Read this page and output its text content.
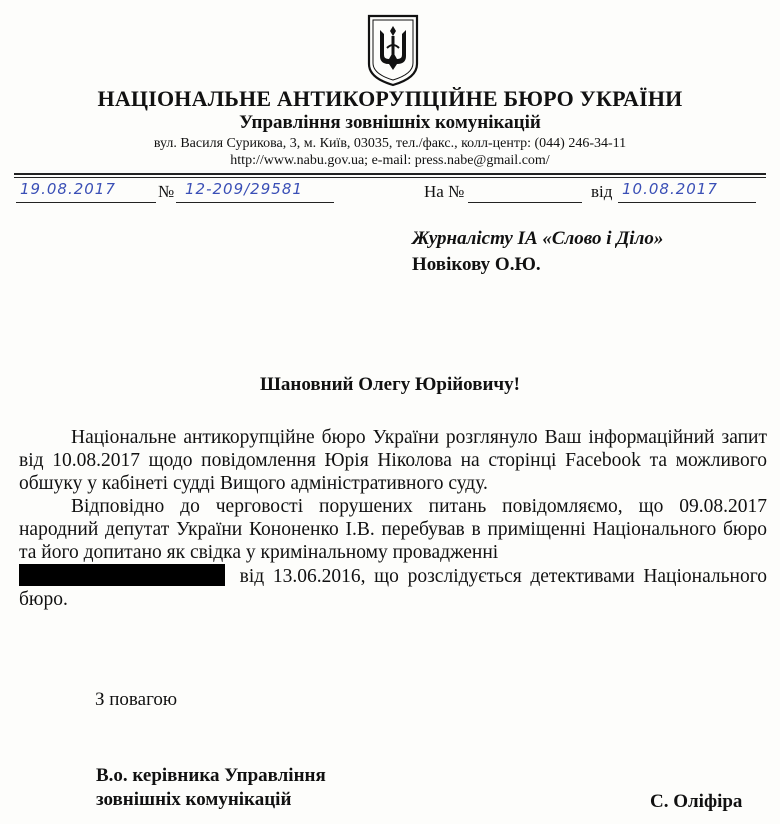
НАЦІОНАЛЬНЕ АНТИКОРУПЦІЙНЕ БЮРО УКРАЇНИ
Управління зовнішніх комунікацій
вул. Василя Сурикова, 3, м. Київ, 03035, тел./факс., колл-центр: (044) 246-34-11
http://www.nabu.gov.ua; e-mail: press.nabe@gmail.com/
19.08.2017	№ 12-209/29581	На №	від 10.08.2017
Журналісту ІА «Слово і Діло»
Новікову О.Ю.
Шановний Олегу Юрійовичу!

Національне антикорупційне бюро України розглянуло Ваш інформаційний запит від 10.08.2017 щодо повідомлення Юрія Ніколова на сторінці Facebook та можливого обшуку у кабінеті судді Вищого адміністративного суду.

Відповідно до черговості порушених питань повідомляємо, що 09.08.2017 народний депутат України Кононенко І.В. перебував в приміщенні Національного бюро та його допитано як свідка у кримінальному провадженні
від 13.06.2016, що розслідується детективами Національного бюро.

З повагою
В.о. керівника Управління
зовнішніх комунікацій	С. Оліфіра
